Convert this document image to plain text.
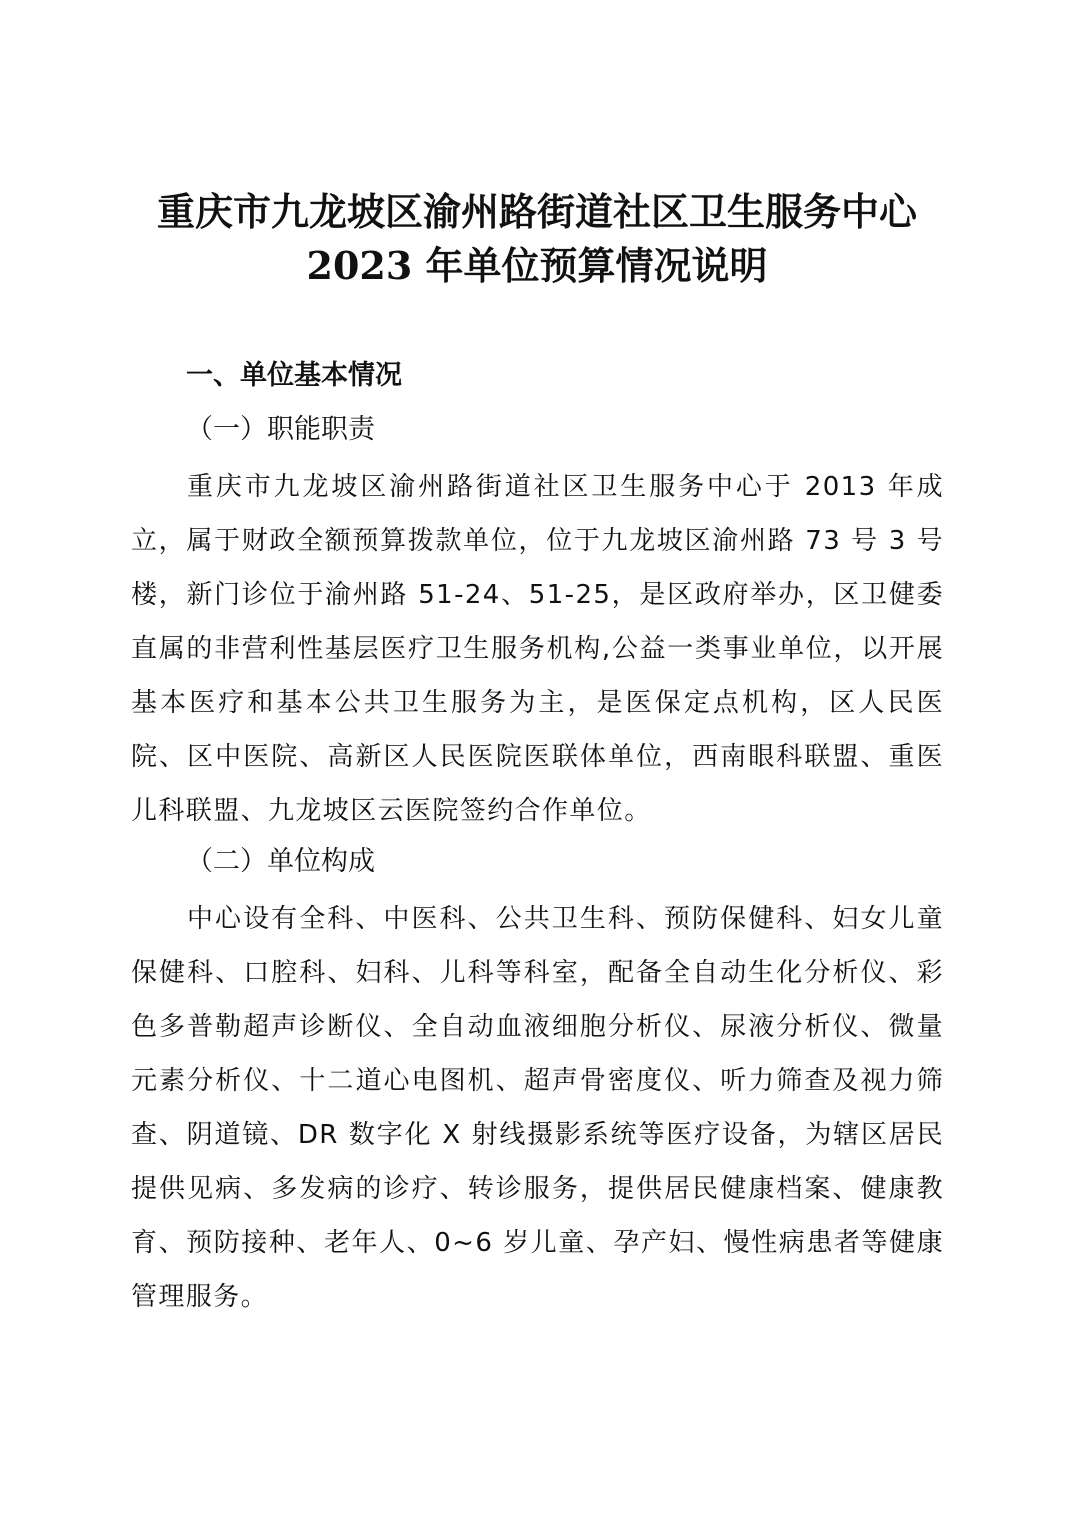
重庆市九龙坡区渝州路街道社区卫生服务中心
2023 年单位预算情况说明
一、单位基本情况
（一）职能职责

重庆市九龙坡区渝州路街道社区卫生服务中心于 2013 年成立，属于财政全额预算拨款单位，位于九龙坡区渝州路 73 号 3 号楼，新门诊位于渝州路 51-24、51-25，是区政府举办，区卫健委直属的非营利性基层医疗卫生服务机构,公益一类事业单位，以开展基本医疗和基本公共卫生服务为主，是医保定点机构，区人民医院、区中医院、高新区人民医院医联体单位，西南眼科联盟、重医儿科联盟、九龙坡区云医院签约合作单位。

（二）单位构成

中心设有全科、中医科、公共卫生科、预防保健科、妇女儿童保健科、口腔科、妇科、儿科等科室，配备全自动生化分析仪、彩色多普勒超声诊断仪、全自动血液细胞分析仪、尿液分析仪、微量元素分析仪、十二道心电图机、超声骨密度仪、听力筛查及视力筛查、阴道镜、DR 数字化 X 射线摄影系统等医疗设备，为辖区居民提供见病、多发病的诊疗、转诊服务，提供居民健康档案、健康教育、预防接种、老年人、0~6 岁儿童、孕产妇、慢性病患者等健康管理服务。
